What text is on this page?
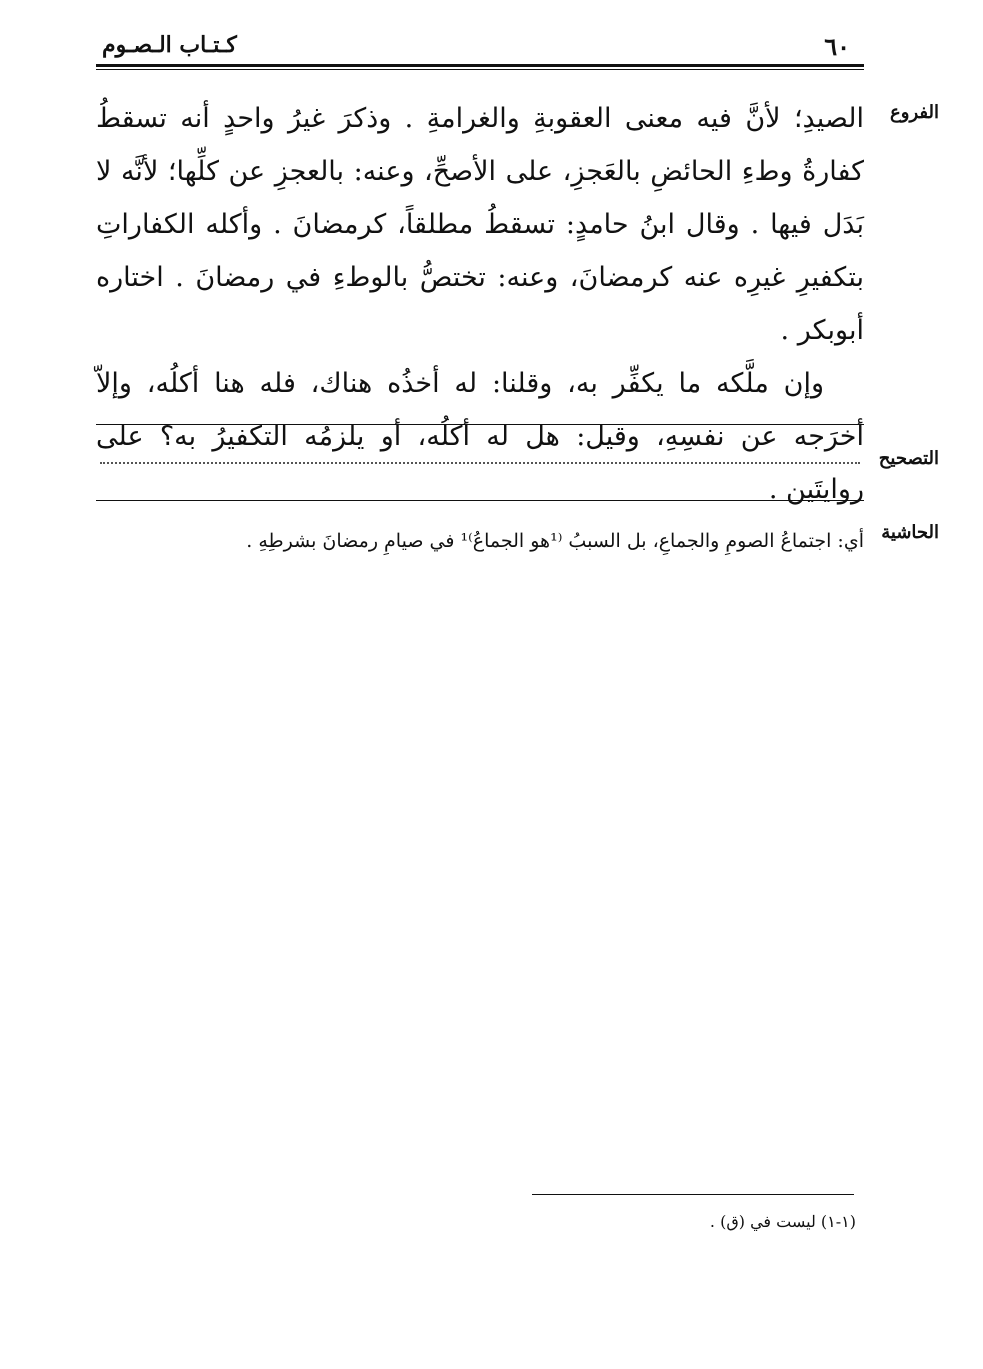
٦٠
كـتـاب الـصـوم
الفروع

الصيدِ؛ لأنَّ فيه معنى العقوبةِ والغرامةِ . وذكرَ غيرُ واحدٍ أنه تسقطُ كفارةُ وطءِ الحائضِ بالعَجزِ، على الأصحِّ، وعنه: بالعجزِ عن كلِّها؛ لأنَّه لا بَدَل فيها . وقال ابنُ حامدٍ: تسقطُ مطلقاً، كرمضانَ . وأكله الكفاراتِ بتكفيرِ غيرِه عنه كرمضانَ، وعنه: تختصُّ بالوطءِ في رمضانَ . اختاره أبوبكر .

وإن ملَّكه ما يكفِّر به، وقلنا: له أخذُه هناك، فله هنا أكلُه، وإلاّ أخرَجه عن نفسِهِ، وقيل: هل له أكلُه، أو يلزمُه التكفيرُ به؟ على روايتَين .

التصحيح
الحاشية
أي: اجتماعُ الصومِ والجماعِ، بل السببُ ⁽¹هو الجماعُ⁾¹ في صيامِ رمضانَ بشرطِهِ .
(١-١) ليست في (ق) .
